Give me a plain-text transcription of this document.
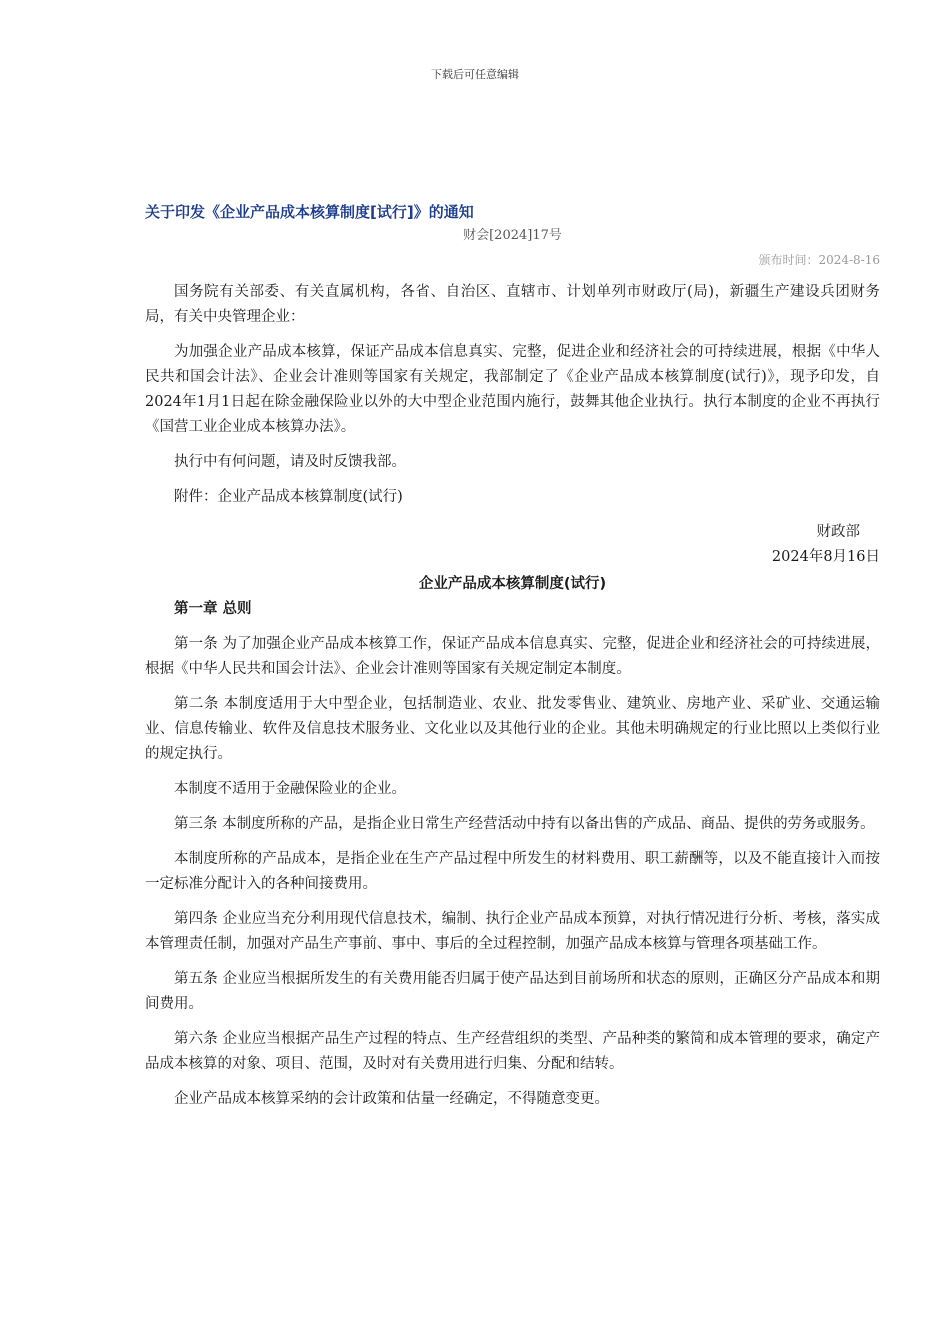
下载后可任意编辑
关于印发《企业产品成本核算制度[试行]》的通知
财会[2024]17号
颁布时间：2024-8-16

国务院有关部委、有关直属机构，各省、自治区、直辖市、计划单列市财政厅(局)，新疆生产建设兵团财务局，有关中央管理企业：

为加强企业产品成本核算，保证产品成本信息真实、完整，促进企业和经济社会的可持续进展，根据《中华人民共和国会计法》、企业会计准则等国家有关规定，我部制定了《企业产品成本核算制度(试行)》，现予印发，自2024年1月1日起在除金融保险业以外的大中型企业范围内施行，鼓舞其他企业执行。执行本制度的企业不再执行《国营工业企业成本核算办法》。

执行中有何问题，请及时反馈我部。

附件：企业产品成本核算制度(试行)

财政部
2024年8月16日
企业产品成本核算制度(试行)
第一章 总则

第一条 为了加强企业产品成本核算工作，保证产品成本信息真实、完整，促进企业和经济社会的可持续进展，根据《中华人民共和国会计法》、企业会计准则等国家有关规定制定本制度。

第二条 本制度适用于大中型企业，包括制造业、农业、批发零售业、建筑业、房地产业、采矿业、交通运输业、信息传输业、软件及信息技术服务业、文化业以及其他行业的企业。其他未明确规定的行业比照以上类似行业的规定执行。

本制度不适用于金融保险业的企业。

第三条 本制度所称的产品，是指企业日常生产经营活动中持有以备出售的产成品、商品、提供的劳务或服务。

本制度所称的产品成本，是指企业在生产产品过程中所发生的材料费用、职工薪酬等，以及不能直接计入而按一定标准分配计入的各种间接费用。

第四条 企业应当充分利用现代信息技术，编制、执行企业产品成本预算，对执行情况进行分析、考核，落实成本管理责任制，加强对产品生产事前、事中、事后的全过程控制，加强产品成本核算与管理各项基础工作。

第五条 企业应当根据所发生的有关费用能否归属于使产品达到目前场所和状态的原则，正确区分产品成本和期间费用。

第六条 企业应当根据产品生产过程的特点、生产经营组织的类型、产品种类的繁简和成本管理的要求，确定产品成本核算的对象、项目、范围，及时对有关费用进行归集、分配和结转。

企业产品成本核算采纳的会计政策和估量一经确定，不得随意变更。
